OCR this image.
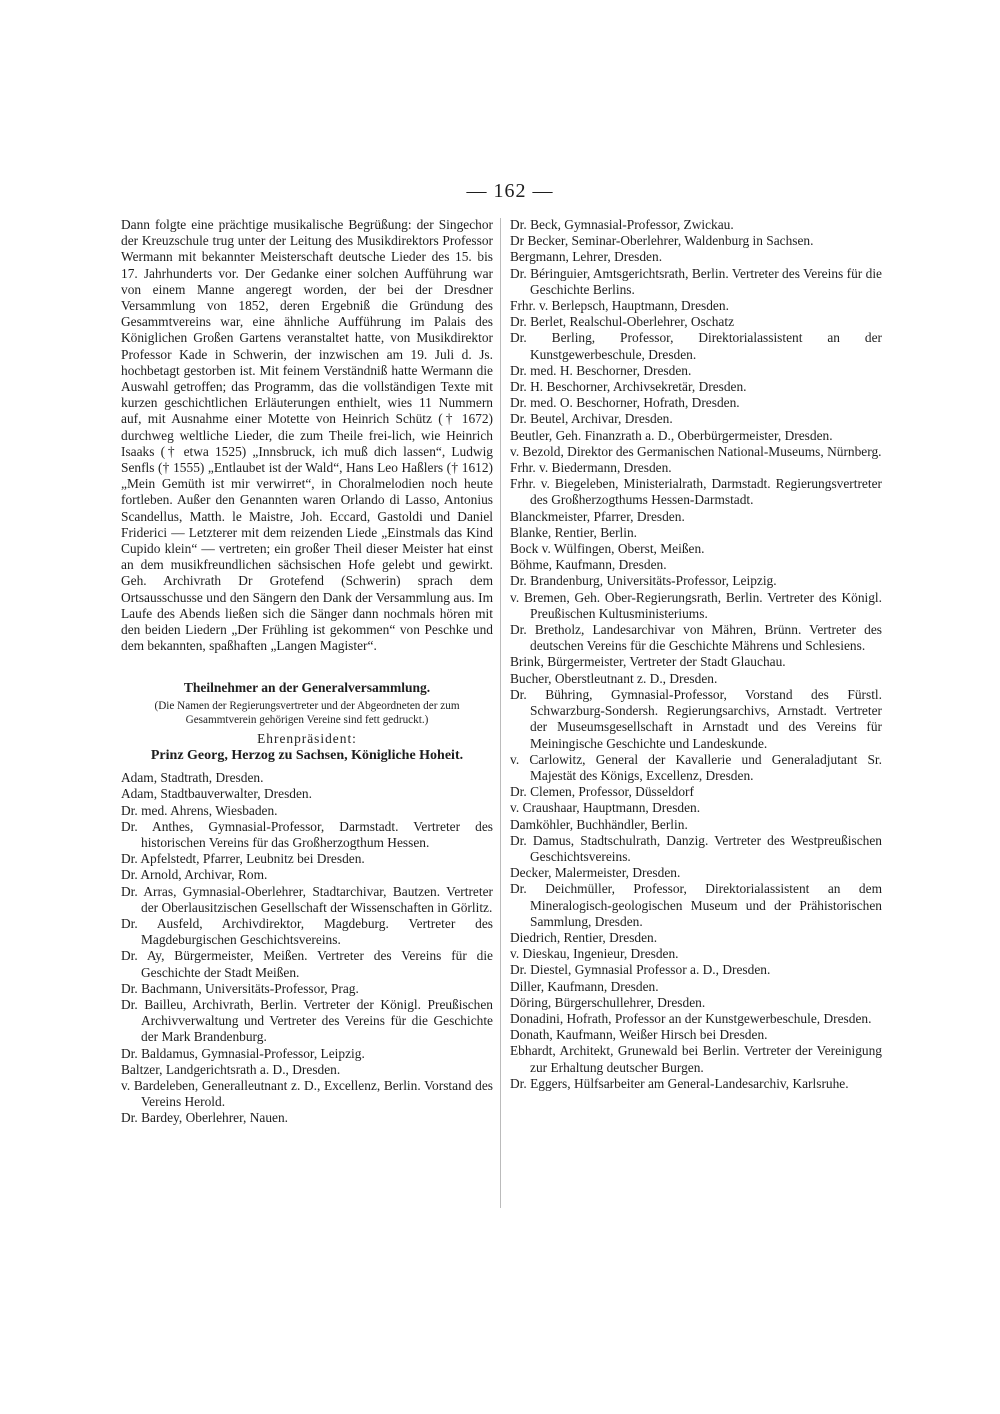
— 162 —

Dann folgte eine prächtige musikalische Begrüßung: der Singechor der Kreuzschule trug unter der Leitung des Musikdirektors Professor Wermann mit bekannter Meisterschaft deutsche Lieder des 15. bis 17. Jahrhunderts vor. Der Gedanke einer solchen Aufführung war von einem Manne angeregt worden, der bei der Dresdner Versammlung von 1852, deren Ergebniß die Gründung des Gesammtvereins war, eine ähnliche Aufführung im Palais des Königlichen Großen Gartens veranstaltet hatte, von Musikdirektor Professor Kade in Schwerin, der inzwischen am 19. Juli d. Js. hochbetagt gestorben ist. Mit feinem Verständniß hatte Wermann die Auswahl getroffen; das Programm, das die vollständigen Texte mit kurzen geschichtlichen Erläuterungen enthielt, wies 11 Nummern auf, mit Ausnahme einer Motette von Heinrich Schütz († 1672) durchweg weltliche Lieder, die zum Theile frei-lich, wie Heinrich Isaaks († etwa 1525) „Innsbruck, ich muß dich lassen“, Ludwig Senfls († 1555) „Entlaubet ist der Wald“, Hans Leo Haßlers († 1612) „Mein Gemüth ist mir verwirret“, in Choralmelodien noch heute fortleben. Außer den Genannten waren Orlando di Lasso, Antonius Scandellus, Matth. le Maistre, Joh. Eccard, Gastoldi und Daniel Friderici — Letzterer mit dem reizenden Liede „Einstmals das Kind Cupido klein“ — vertreten; ein großer Theil dieser Meister hat einst an dem musikfreundlichen sächsischen Hofe gelebt und gewirkt. Geh. Archivrath Dr Grotefend (Schwerin) sprach dem Ortsausschusse und den Sängern den Dank der Versammlung aus. Im Laufe des Abends ließen sich die Sänger dann nochmals hören mit den beiden Liedern „Der Frühling ist gekommen“ von Peschke und dem bekannten, spaßhaften „Langen Magister“.

Theilnehmer an der Generalversammlung.
(Die Namen der Regierungsvertreter und der Abgeordneten der zum Gesammtverein gehörigen Vereine sind fett gedruckt.)
Ehrenpräsident:
Prinz Georg, Herzog zu Sachsen, Königliche Hoheit.

Adam, Stadtrath, Dresden.

Adam, Stadtbauverwalter, Dresden.

Dr. med. Ahrens, Wiesbaden.

Dr. Anthes, Gymnasial-Professor, Darmstadt. Vertreter des historischen Vereins für das Großherzogthum Hessen.

Dr. Apfelstedt, Pfarrer, Leubnitz bei Dresden.

Dr. Arnold, Archivar, Rom.

Dr. Arras, Gymnasial-Oberlehrer, Stadtarchivar, Bautzen. Vertreter der Oberlausitzischen Gesellschaft der Wissenschaften in Görlitz.

Dr. Ausfeld, Archivdirektor, Magdeburg. Vertreter des Magdeburgischen Geschichtsvereins.

Dr. Ay, Bürgermeister, Meißen. Vertreter des Vereins für die Geschichte der Stadt Meißen.

Dr. Bachmann, Universitäts-Professor, Prag.

Dr. Bailleu, Archivrath, Berlin. Vertreter der Königl. Preußischen Archivverwaltung und Vertreter des Vereins für die Geschichte der Mark Brandenburg.

Dr. Baldamus, Gymnasial-Professor, Leipzig.

Baltzer, Landgerichtsrath a. D., Dresden.

v. Bardeleben, Generalleutnant z. D., Excellenz, Berlin. Vorstand des Vereins Herold.

Dr. Bardey, Oberlehrer, Nauen.

Dr. Beck, Gymnasial-Professor, Zwickau.

Dr Becker, Seminar-Oberlehrer, Waldenburg in Sachsen.

Bergmann, Lehrer, Dresden.

Dr. Béringuier, Amtsgerichtsrath, Berlin. Vertreter des Vereins für die Geschichte Berlins.

Frhr. v. Berlepsch, Hauptmann, Dresden.

Dr. Berlet, Realschul-Oberlehrer, Oschatz

Dr. Berling, Professor, Direktorialassistent an der Kunstgewerbeschule, Dresden.

Dr. med. H. Beschorner, Dresden.

Dr. H. Beschorner, Archivsekretär, Dresden.

Dr. med. O. Beschorner, Hofrath, Dresden.

Dr. Beutel, Archivar, Dresden.

Beutler, Geh. Finanzrath a. D., Oberbürgermeister, Dresden.

v. Bezold, Direktor des Germanischen National-Museums, Nürnberg.

Frhr. v. Biedermann, Dresden.

Frhr. v. Biegeleben, Ministerialrath, Darmstadt. Regierungsvertreter des Großherzogthums Hessen-Darmstadt.

Blanckmeister, Pfarrer, Dresden.

Blanke, Rentier, Berlin.

Bock v. Wülfingen, Oberst, Meißen.

Böhme, Kaufmann, Dresden.

Dr. Brandenburg, Universitäts-Professor, Leipzig.

v. Bremen, Geh. Ober-Regierungsrath, Berlin. Vertreter des Königl. Preußischen Kultusministeriums.

Dr. Bretholz, Landesarchivar von Mähren, Brünn. Vertreter des deutschen Vereins für die Geschichte Mährens und Schlesiens.

Brink, Bürgermeister, Vertreter der Stadt Glauchau.

Bucher, Oberstleutnant z. D., Dresden.

Dr. Bühring, Gymnasial-Professor, Vorstand des Fürstl. Schwarzburg-Sondersh. Regierungsarchivs, Arnstadt. Vertreter der Museumsgesellschaft in Arnstadt und des Vereins für Meiningische Geschichte und Landeskunde.

v. Carlowitz, General der Kavallerie und Generaladjutant Sr. Majestät des Königs, Excellenz, Dresden.

Dr. Clemen, Professor, Düsseldorf

v. Craushaar, Hauptmann, Dresden.

Damköhler, Buchhändler, Berlin.

Dr. Damus, Stadtschulrath, Danzig. Vertreter des Westpreußischen Geschichtsvereins.

Decker, Malermeister, Dresden.

Dr. Deichmüller, Professor, Direktorialassistent an dem Mineralogisch-geologischen Museum und der Prähistorischen Sammlung, Dresden.

Diedrich, Rentier, Dresden.

v. Dieskau, Ingenieur, Dresden.

Dr. Diestel, Gymnasial Professor a. D., Dresden.

Diller, Kaufmann, Dresden.

Döring, Bürgerschullehrer, Dresden.

Donadini, Hofrath, Professor an der Kunstgewerbeschule, Dresden.

Donath, Kaufmann, Weißer Hirsch bei Dresden.

Ebhardt, Architekt, Grunewald bei Berlin. Vertreter der Vereinigung zur Erhaltung deutscher Burgen.

Dr. Eggers, Hülfsarbeiter am General-Landesarchiv, Karlsruhe.
